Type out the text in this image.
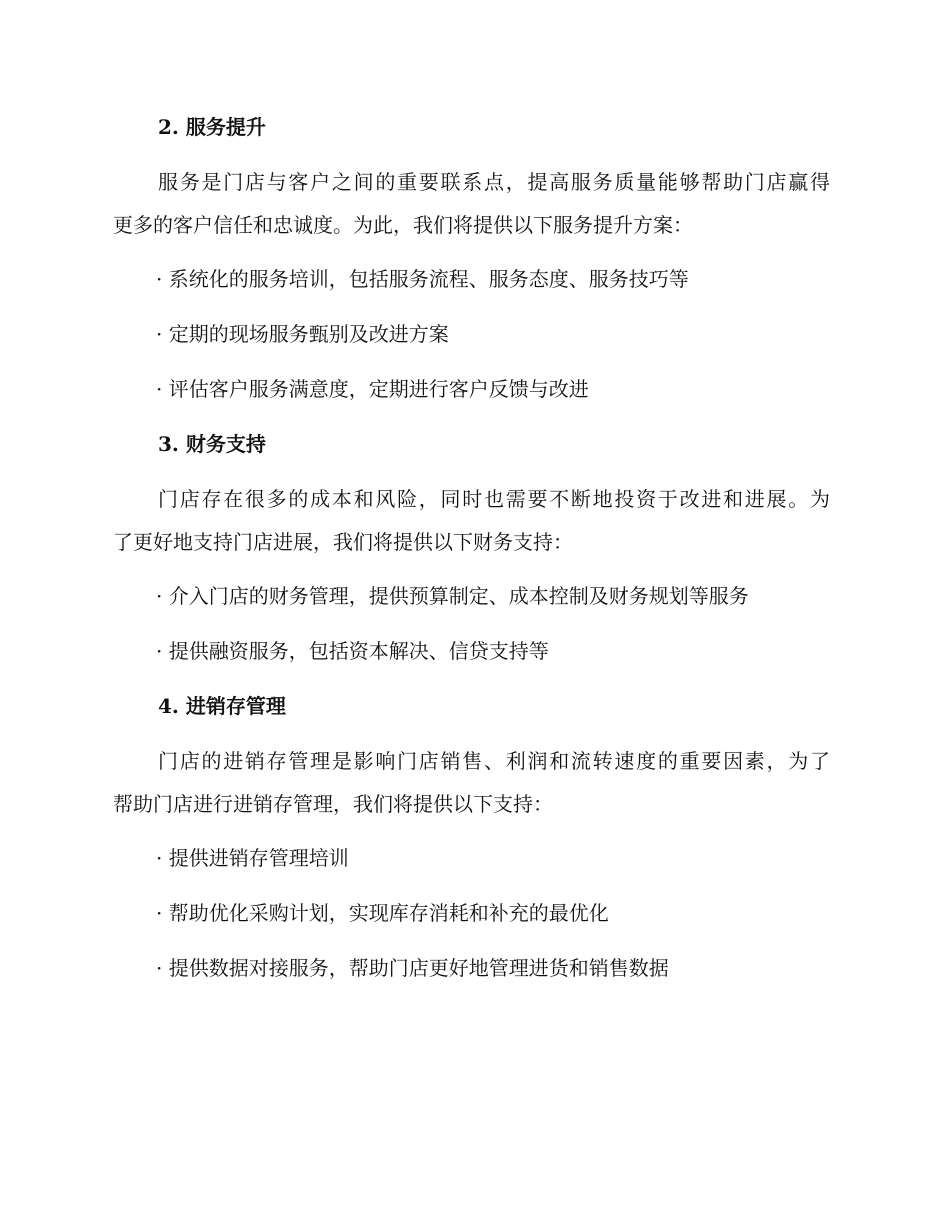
2. 服务提升

服务是门店与客户之间的重要联系点，提高服务质量能够帮助门店赢得

更多的客户信任和忠诚度。为此，我们将提供以下服务提升方案：

· 系统化的服务培训，包括服务流程、服务态度、服务技巧等

· 定期的现场服务甄别及改进方案

· 评估客户服务满意度，定期进行客户反馈与改进

3. 财务支持

门店存在很多的成本和风险，同时也需要不断地投资于改进和进展。为

了更好地支持门店进展，我们将提供以下财务支持：

· 介入门店的财务管理，提供预算制定、成本控制及财务规划等服务

· 提供融资服务，包括资本解决、信贷支持等

4. 进销存管理

门店的进销存管理是影响门店销售、利润和流转速度的重要因素，为了

帮助门店进行进销存管理，我们将提供以下支持：

· 提供进销存管理培训

· 帮助优化采购计划，实现库存消耗和补充的最优化

· 提供数据对接服务，帮助门店更好地管理进货和销售数据
